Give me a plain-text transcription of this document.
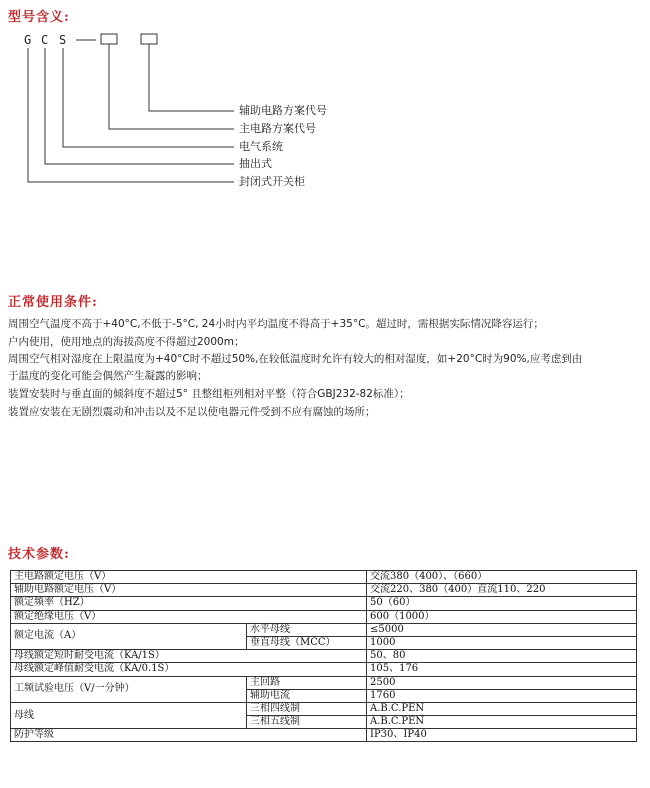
型号含义:
G C S
辅助电路方案代号
主电路方案代号
电气系统
抽出式
封闭式开关柜
正常使用条件:
周围空气温度不高于+40°C,不低于-5°C, 24小时内平均温度不得高于+35°C。超过时，需根据实际情况降容运行；
户内使用，使用地点的海拔高度不得超过2000m；
周围空气相对湿度在上限温度为+40°C时不超过50%,在较低温度时允许有较大的相对湿度，如+20°C时为90%,应考虑到由
于温度的变化可能会偶然产生凝露的影响；
装置安装时与垂直面的倾斜度不超过5° 且整组柜列相对平整（符合GBJ232-82标准）；
装置应安装在无剧烈震动和冲击以及不足以使电器元件受到不应有腐蚀的场所；
技术参数:
主电路额定电压（V）		交流380（400）、（660）
辅助电路额定电压（V）		交流220、380（400）直流110、220
额定频率（HZ）		50（60）
额定绝缘电压（V）		600（1000）
额定电流（A）	水平母线	≤5000
	垂直母线（MCC）	1000
母线额定短时耐受电流（KA/1S）		50、80
母线额定峰值耐受电流（KA/0.1S）		105、176
工频试验电压（V/一分钟）	主回路	2500
	辅助电流	1760
母线	三相四线制	A.B.C.PEN
	三相五线制	A.B.C.PEN
防护等级		IP30、IP40
